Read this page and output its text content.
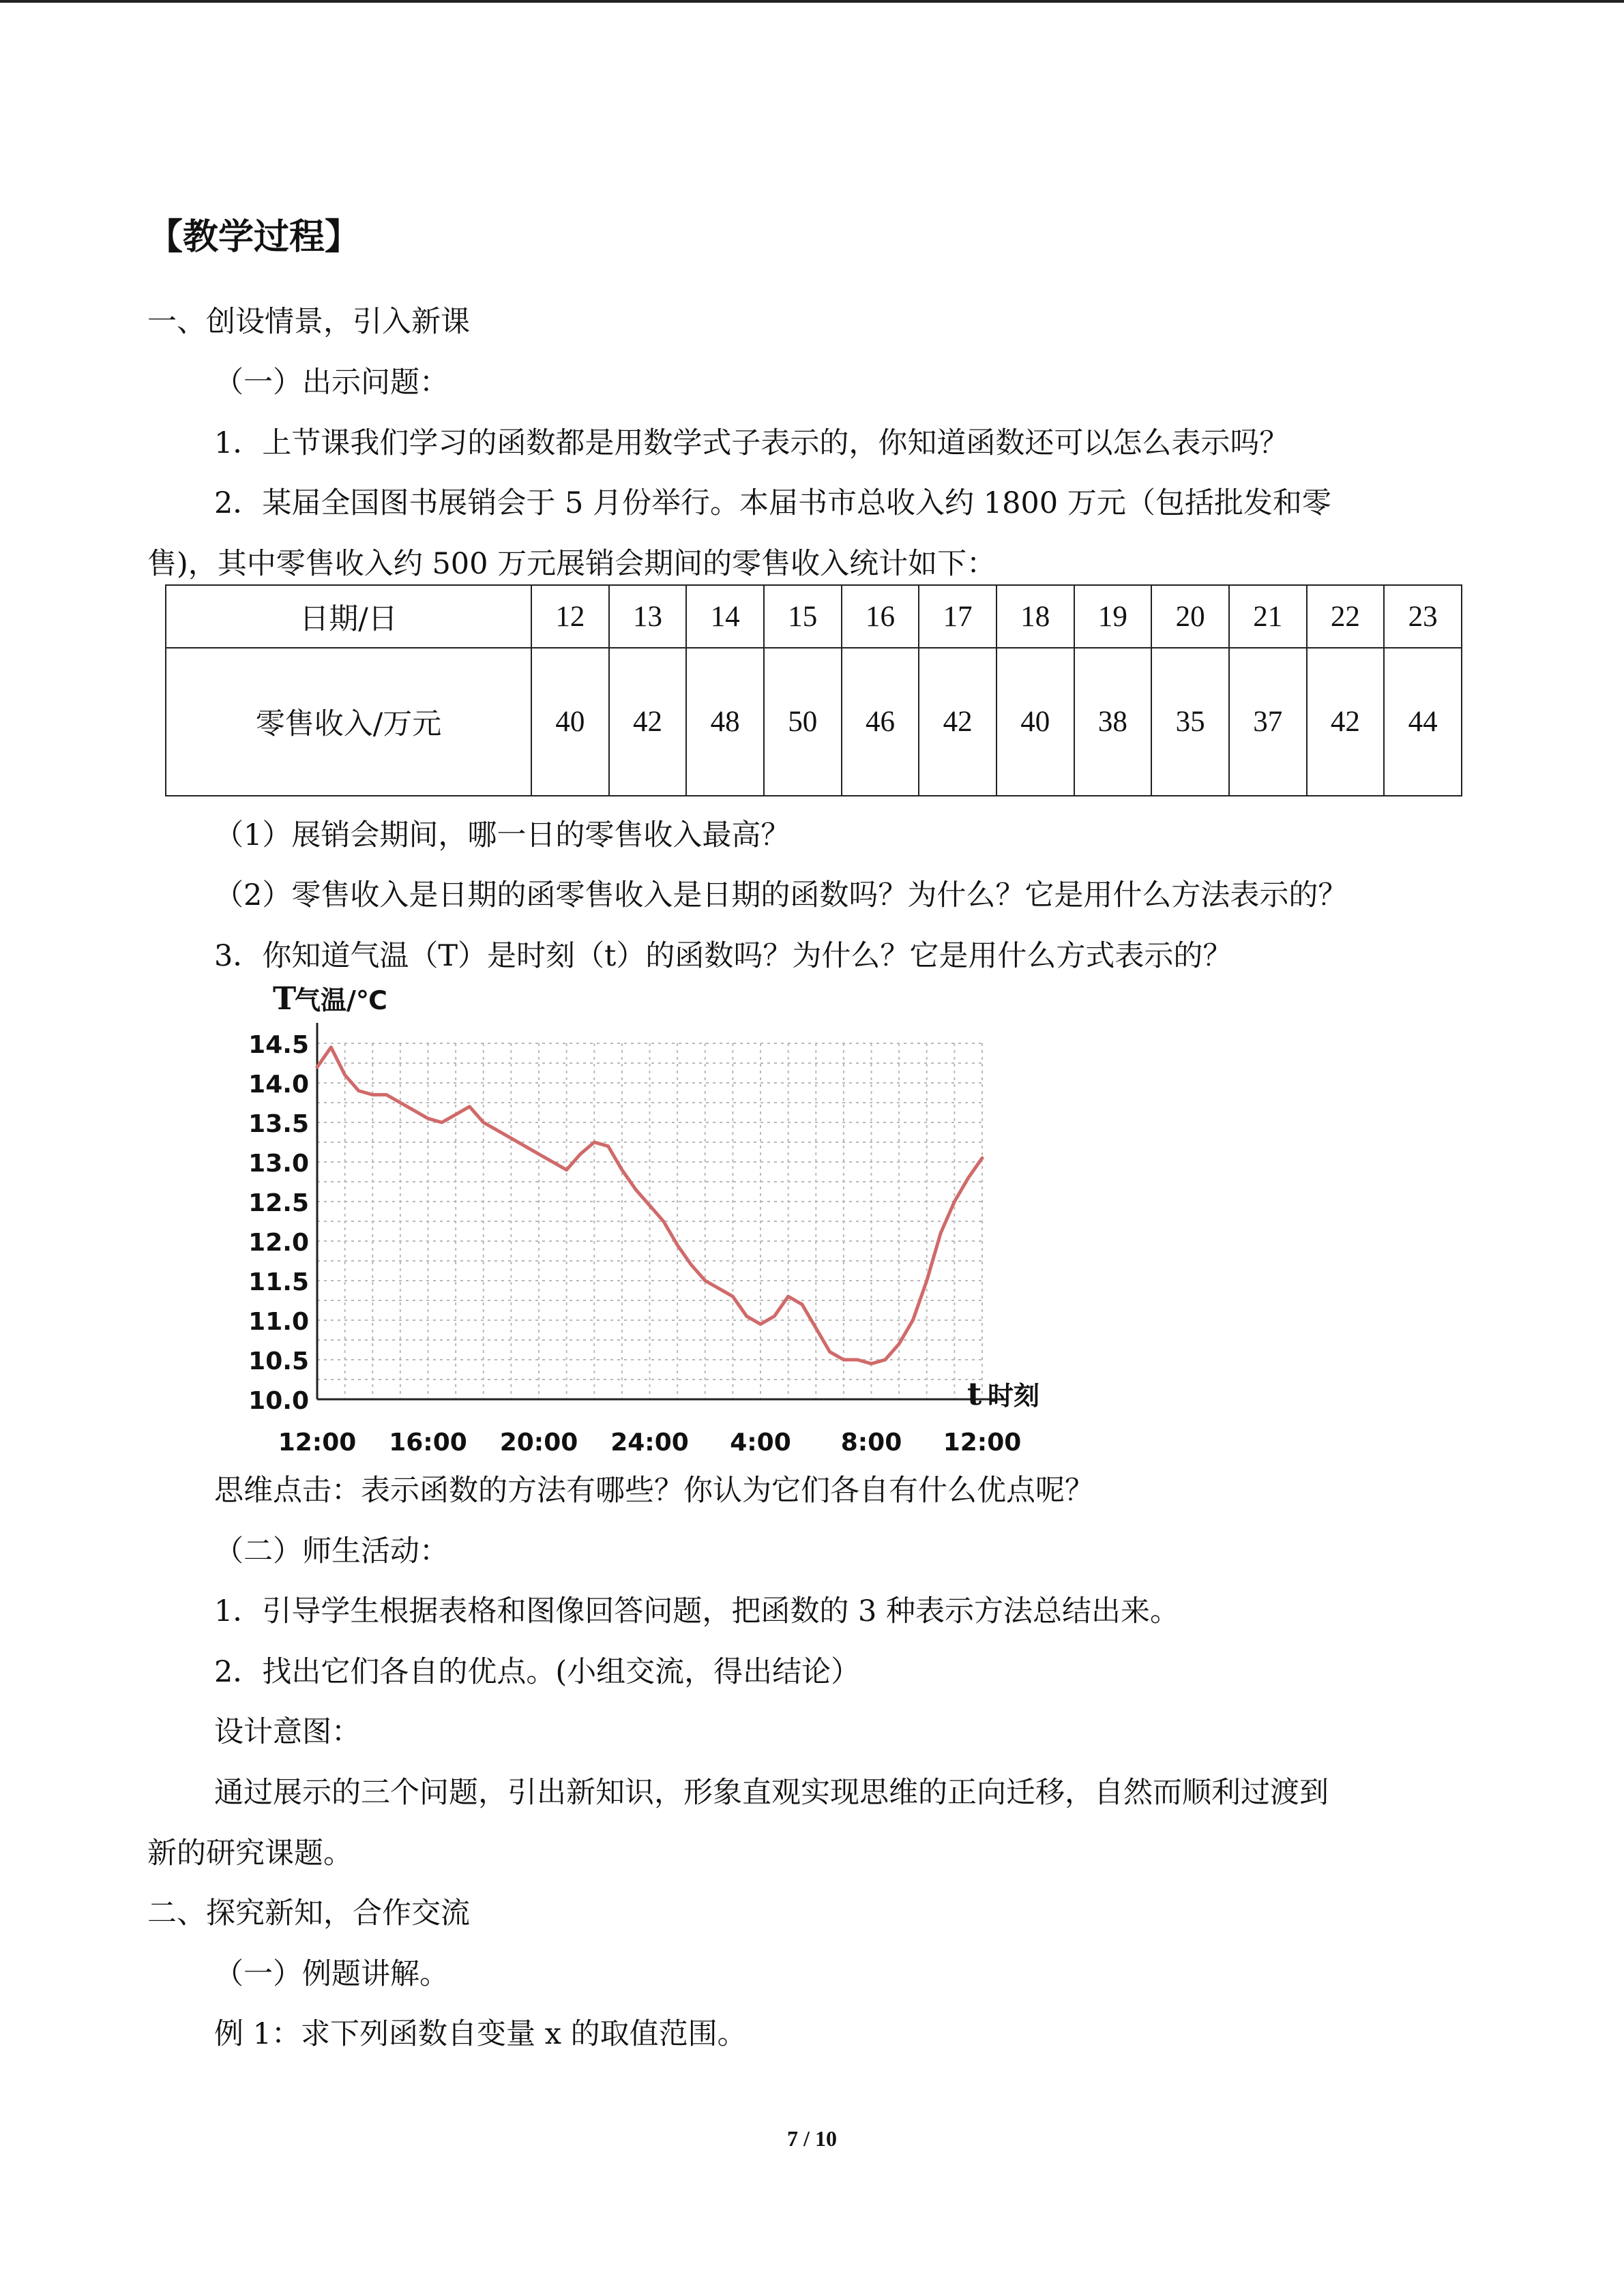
【教学过程】
一、创设情景，引入新课
（一）出示问题：
1．上节课我们学习的函数都是用数学式子表示的，你知道函数还可以怎么表示吗？
2．某届全国图书展销会于 5 月份举行。本届书市总收入约 1800 万元（包括批发和零
售)，其中零售收入约 500 万元展销会期间的零售收入统计如下：
日期/日	12	13	14	15	16	17	18	19	20	21	22	23
零售收入/万元	40	42	48	50	46	42	40	38	35	37	42	44
（1）展销会期间，哪一日的零售收入最高？
（2）零售收入是日期的函零售收入是日期的函数吗？为什么？它是用什么方法表示的？
3．你知道气温（T）是时刻（t）的函数吗？为什么？它是用什么方式表示的？
14.5
14.0
13.5
13.0
12.5
12.0
11.5
11.0
10.5
10.0
12:00 16:00 20:00 24:00 4:00 8:00 12:00
T
气温/℃
t 时刻
思维点击：表示函数的方法有哪些？你认为它们各自有什么优点呢？
（二）师生活动：
1．引导学生根据表格和图像回答问题，把函数的 3 种表示方法总结出来。
2．找出它们各自的优点。(小组交流，得出结论）
设计意图：
通过展示的三个问题，引出新知识，形象直观实现思维的正向迁移，自然而顺利过渡到
新的研究课题。
二、探究新知，合作交流
（一）例题讲解。
例 1：求下列函数自变量 x 的取值范围。
7 / 10
